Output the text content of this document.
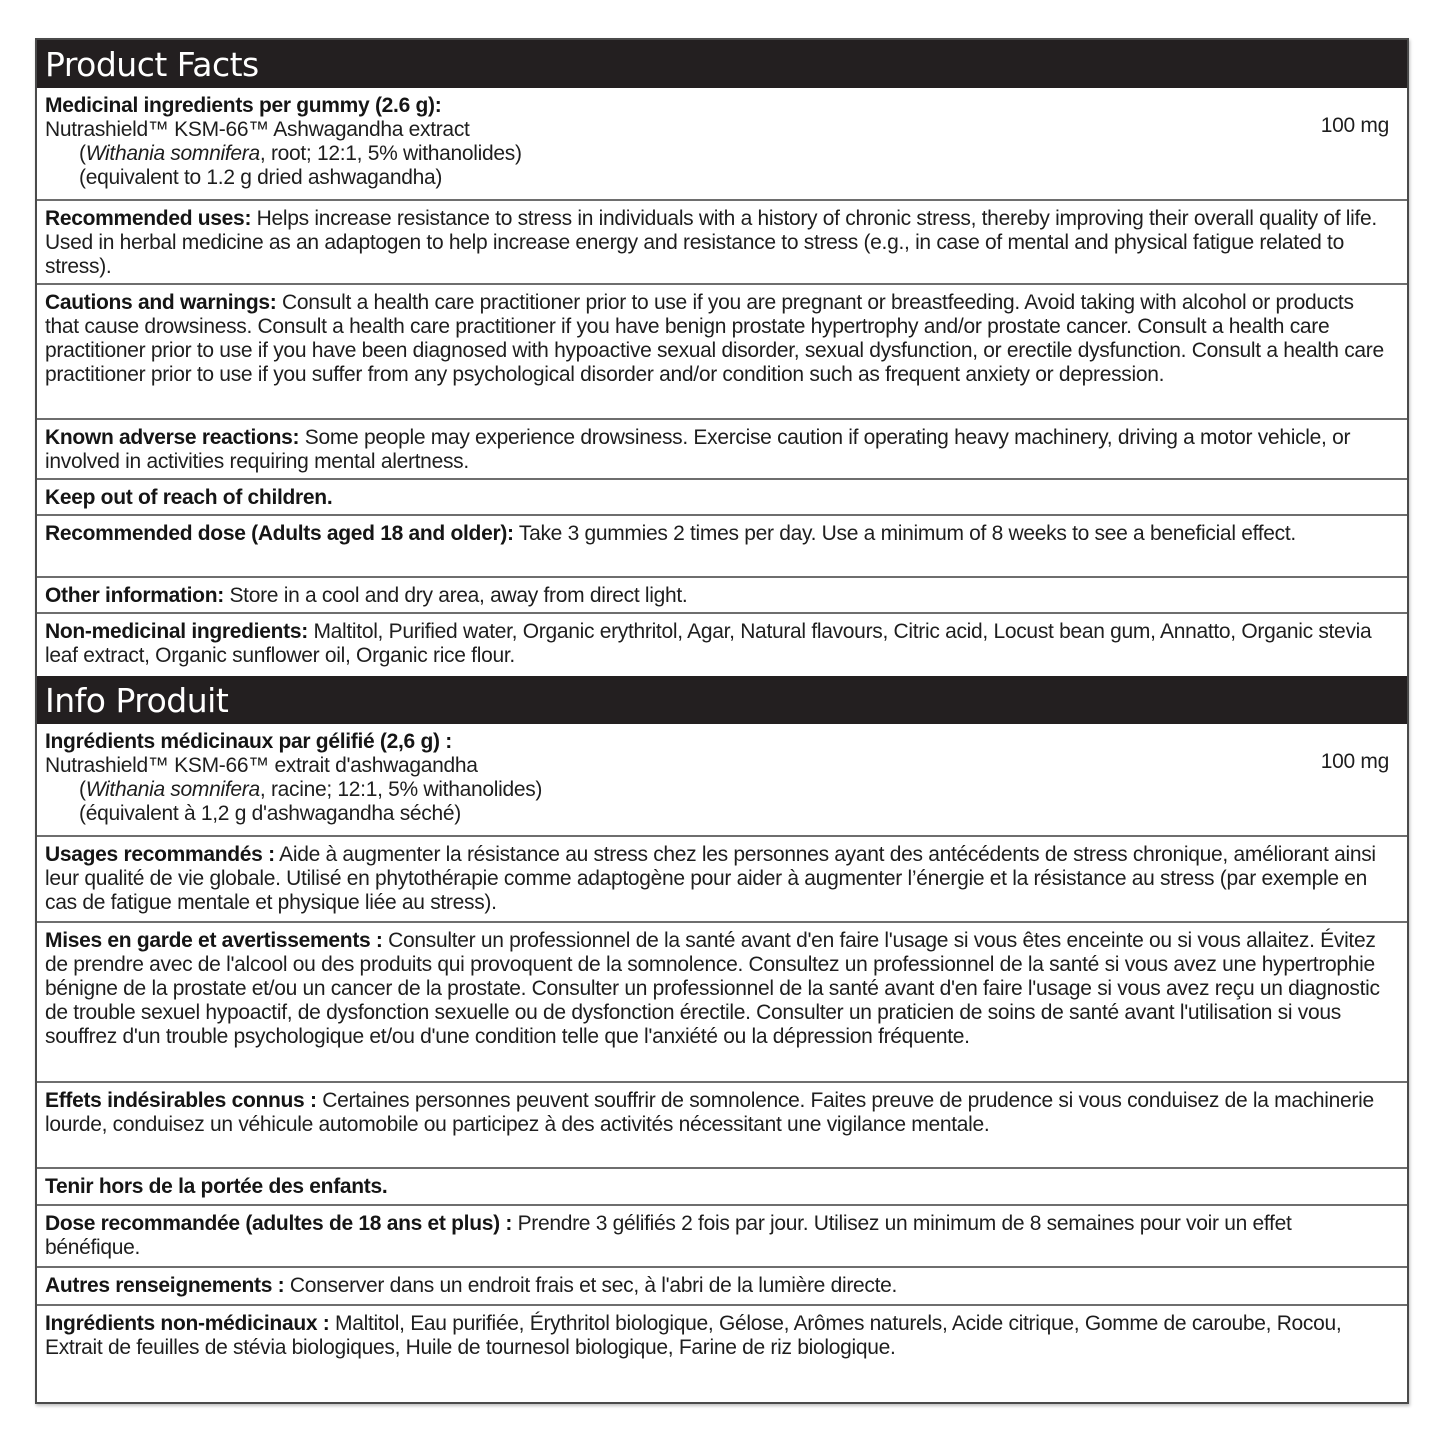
Product Facts
Medicinal ingredients per gummy (2.6 g):
Nutrashield™ KSM-66™ Ashwagandha extract
(Withania somnifera, root; 12:1, 5% withanolides)
(equivalent to 1.2 g dried ashwagandha)
100 mg
Recommended uses: Helps increase resistance to stress in individuals with a history of chronic stress, thereby improving their overall quality of life. Used in herbal medicine as an adaptogen to help increase energy and resistance to stress (e.g., in case of mental and physical fatigue related to stress).
Cautions and warnings: Consult a health care practitioner prior to use if you are pregnant or breastfeeding. Avoid taking with alcohol or products that cause drowsiness. Consult a health care practitioner if you have benign prostate hypertrophy and/or prostate cancer. Consult a health care practitioner prior to use if you have been diagnosed with hypoactive sexual disorder, sexual dysfunction, or erectile dysfunction. Consult a health care practitioner prior to use if you suffer from any psychological disorder and/or condition such as frequent anxiety or depression.
Known adverse reactions: Some people may experience drowsiness. Exercise caution if operating heavy machinery, driving a motor vehicle, or involved in activities requiring mental alertness.
Keep out of reach of children.
Recommended dose (Adults aged 18 and older): Take 3 gummies 2 times per day. Use a minimum of 8 weeks to see a beneficial effect.
Other information: Store in a cool and dry area, away from direct light.
Non-medicinal ingredients: Maltitol, Purified water, Organic erythritol, Agar, Natural flavours, Citric acid, Locust bean gum, Annatto, Organic stevia leaf extract, Organic sunflower oil, Organic rice flour.
Info Produit
Ingrédients médicinaux par gélifié (2,6 g) :
Nutrashield™ KSM-66™ extrait d'ashwagandha
(Withania somnifera, racine; 12:1, 5% withanolides)
(équivalent à 1,2 g d'ashwagandha séché)
100 mg
Usages recommandés : Aide à augmenter la résistance au stress chez les personnes ayant des antécédents de stress chronique, améliorant ainsi leur qualité de vie globale. Utilisé en phytothérapie comme adaptogène pour aider à augmenter l’énergie et la résistance au stress (par exemple en cas de fatigue mentale et physique liée au stress).
Mises en garde et avertissements : Consulter un professionnel de la santé avant d'en faire l'usage si vous êtes enceinte ou si vous allaitez. Évitez de prendre avec de l'alcool ou des produits qui provoquent de la somnolence. Consultez un professionnel de la santé si vous avez une hypertrophie bénigne de la prostate et/ou un cancer de la prostate. Consulter un professionnel de la santé avant d'en faire l'usage si vous avez reçu un diagnostic de trouble sexuel hypoactif, de dysfonction sexuelle ou de dysfonction érectile. Consulter un praticien de soins de santé avant l'utilisation si vous souffrez d'un trouble psychologique et/ou d'une condition telle que l'anxiété ou la dépression fréquente.
Effets indésirables connus : Certaines personnes peuvent souffrir de somnolence. Faites preuve de prudence si vous conduisez de la machinerie lourde, conduisez un véhicule automobile ou participez à des activités nécessitant une vigilance mentale.
Tenir hors de la portée des enfants.
Dose recommandée (adultes de 18 ans et plus) : Prendre 3 gélifiés 2 fois par jour. Utilisez un minimum de 8 semaines pour voir un effet bénéfique.
Autres renseignements : Conserver dans un endroit frais et sec, à l'abri de la lumière directe.
Ingrédients non-médicinaux : Maltitol, Eau purifiée, Érythritol biologique, Gélose, Arômes naturels, Acide citrique, Gomme de caroube, Rocou, Extrait de feuilles de stévia biologiques, Huile de tournesol biologique, Farine de riz biologique.
